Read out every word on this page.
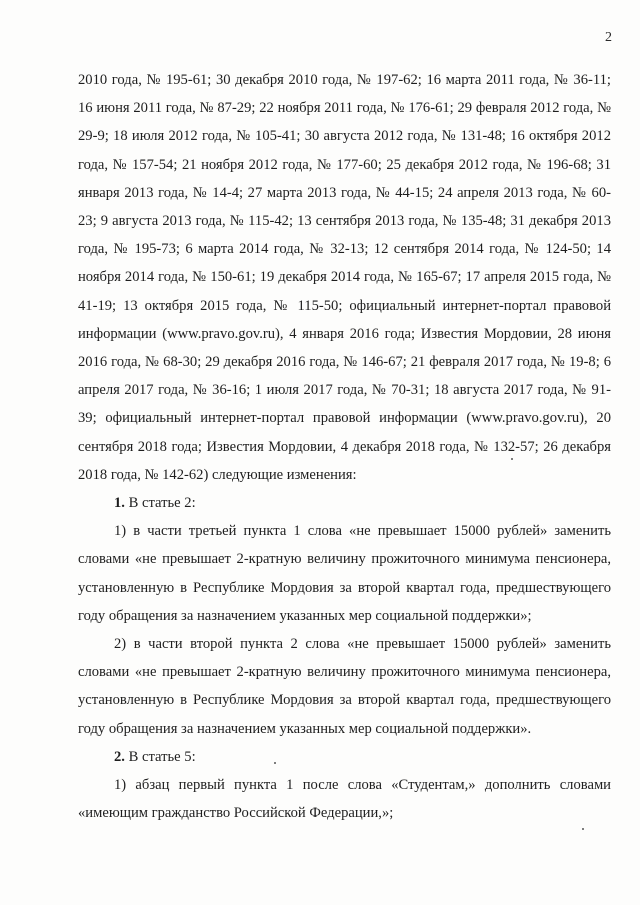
2

2010 года, № 195-61; 30 декабря 2010 года, № 197-62; 16 марта 2011 года, № 36-11; 16 июня 2011 года, № 87-29; 22 ноября 2011 года, № 176-61; 29 февраля 2012 года, № 29-9; 18 июля 2012 года, № 105-41; 30 августа 2012 года, № 131-48; 16 октября 2012 года, № 157-54; 21 ноября 2012 года, № 177-60; 25 декабря 2012 года, № 196-68; 31 января 2013 года, № 14-4; 27 марта 2013 года, № 44-15; 24 апреля 2013 года, № 60-23; 9 августа 2013 года, № 115-42; 13 сентября 2013 года, № 135-48; 31 декабря 2013 года, № 195-73; 6 марта 2014 года, № 32-13; 12 сентября 2014 года, № 124-50; 14 ноября 2014 года, № 150-61; 19 декабря 2014 года, № 165-67; 17 апреля 2015 года, № 41-19; 13 октября 2015 года, № 115-50; официальный интернет-портал правовой информации (www.pravo.gov.ru), 4 января 2016 года; Известия Мордовии, 28 июня 2016 года, № 68-30; 29 декабря 2016 года, № 146-67; 21 февраля 2017 года, № 19-8; 6 апреля 2017 года, № 36-16; 1 июля 2017 года, № 70-31; 18 августа 2017 года, № 91-39; официальный интернет-портал правовой информации (www.pravo.gov.ru), 20 сентября 2018 года; Известия Мордовии, 4 декабря 2018 года, № 132-57; 26 декабря 2018 года, № 142-62) следующие изменения:

1. В статье 2:

1) в части третьей пункта 1 слова «не превышает 15000 рублей» заменить словами «не превышает 2-кратную величину прожиточного минимума пенсионера, установленную в Республике Мордовия за второй квартал года, предшествующего году обращения за назначением указанных мер социальной поддержки»;

2) в части второй пункта 2 слова «не превышает 15000 рублей» заменить словами «не превышает 2-кратную величину прожиточного минимума пенсионера, установленную в Республике Мордовия за второй квартал года, предшествующего году обращения за назначением указанных мер социальной поддержки».

2. В статье 5:

1) абзац первый пункта 1 после слова «Студентам,» дополнить словами «имеющим гражданство Российской Федерации,»;
